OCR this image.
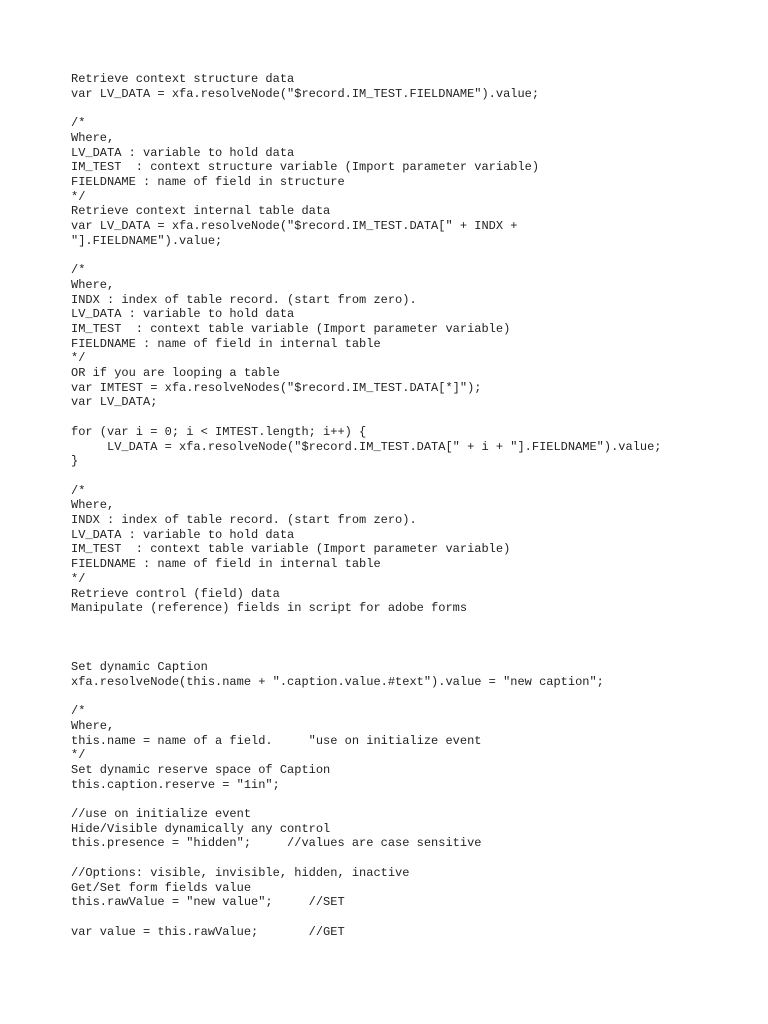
Retrieve context structure data
var LV_DATA = xfa.resolveNode("$record.IM_TEST.FIELDNAME").value;
/*
Where,
LV_DATA : variable to hold data
IM_TEST  : context structure variable (Import parameter variable)
FIELDNAME : name of field in structure
*/
Retrieve context internal table data
var LV_DATA = xfa.resolveNode("$record.IM_TEST.DATA[" + INDX +
"].FIELDNAME").value;
/*
Where,
INDX : index of table record. (start from zero).
LV_DATA : variable to hold data
IM_TEST  : context table variable (Import parameter variable)
FIELDNAME : name of field in internal table
*/
OR if you are looping a table
var IMTEST = xfa.resolveNodes("$record.IM_TEST.DATA[*]");
var LV_DATA;
for (var i = 0; i < IMTEST.length; i++) {
LV_DATA = xfa.resolveNode("$record.IM_TEST.DATA[" + i + "].FIELDNAME").value;
}
/*
Where,
INDX : index of table record. (start from zero).
LV_DATA : variable to hold data
IM_TEST  : context table variable (Import parameter variable)
FIELDNAME : name of field in internal table
*/
Retrieve control (field) data
Manipulate (reference) fields in script for adobe forms
Set dynamic Caption
xfa.resolveNode(this.name + ".caption.value.#text").value = "new caption";
/*
Where,
this.name = name of a field.     "use on initialize event
*/
Set dynamic reserve space of Caption
this.caption.reserve = "1in";
//use on initialize event
Hide/Visible dynamically any control
this.presence = "hidden";     //values are case sensitive
//Options: visible, invisible, hidden, inactive
Get/Set form fields value
this.rawValue = "new value";     //SET
var value = this.rawValue;       //GET
